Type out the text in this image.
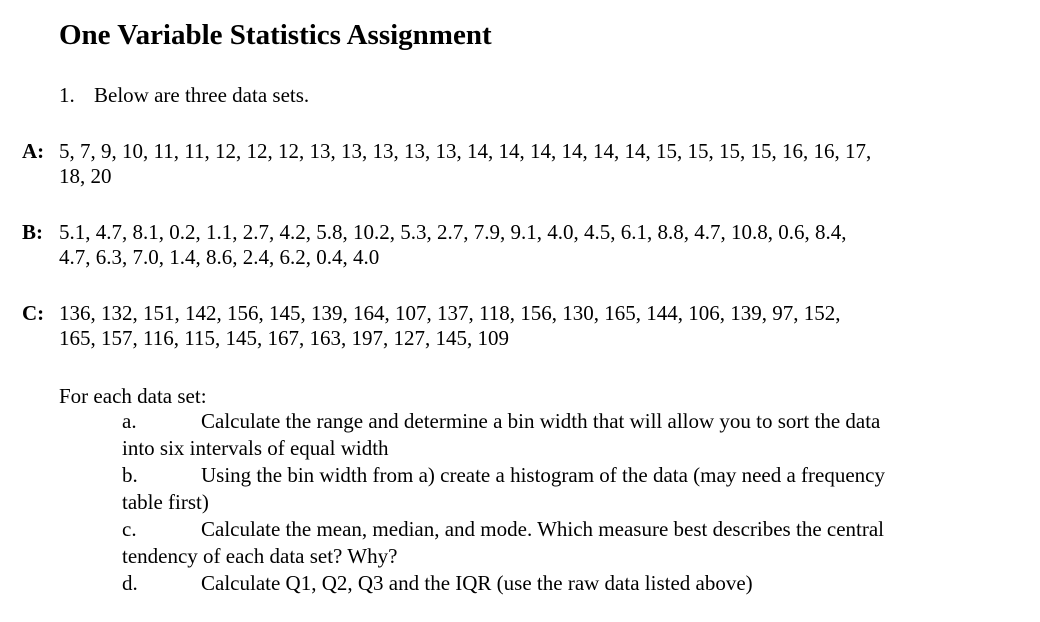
One Variable Statistics Assignment
1. Below are three data sets.
A: 5, 7, 9, 10, 11, 11, 12, 12, 12, 13, 13, 13, 13, 13, 14, 14, 14, 14, 14, 14, 15, 15, 15, 15, 16, 16, 17,
18, 20
B: 5.1, 4.7, 8.1, 0.2, 1.1, 2.7, 4.2, 5.8, 10.2, 5.3, 2.7, 7.9, 9.1, 4.0, 4.5, 6.1, 8.8, 4.7, 10.8, 0.6, 8.4,
4.7, 6.3, 7.0, 1.4, 8.6, 2.4, 6.2, 0.4, 4.0
C: 136, 132, 151, 142, 156, 145, 139, 164, 107, 137, 118, 156, 130, 165, 144, 106, 139, 97, 152,
165, 157, 116, 115, 145, 167, 163, 197, 127, 145, 109
For each data set:
a.	Calculate the range and determine a bin width that will allow you to sort the data
into six intervals of equal width
b.	Using the bin width from a) create a histogram of the data (may need a frequency
table first)
c.	Calculate the mean, median, and mode. Which measure best describes the central
tendency of each data set? Why?
d.	Calculate Q1, Q2, Q3 and the IQR (use the raw data listed above)
